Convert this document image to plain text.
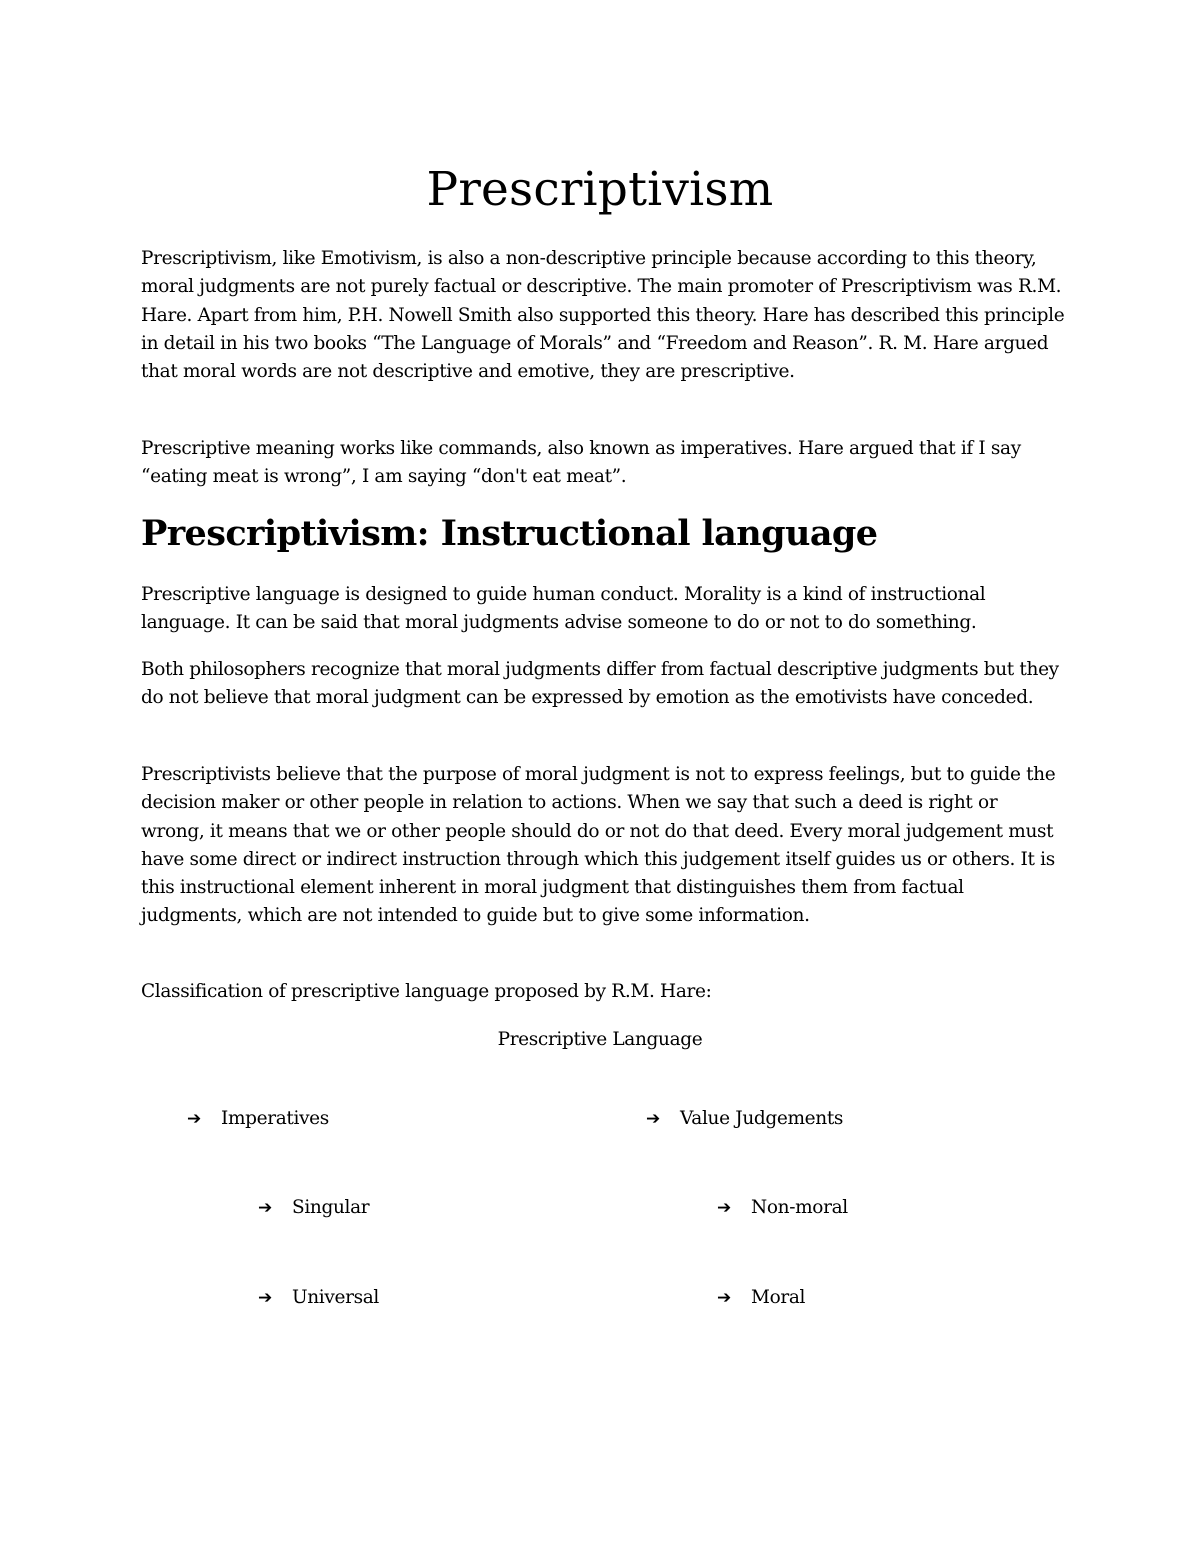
Prescriptivism

Prescriptivism, like Emotivism, is also a non-descriptive principle because according to this theory, moral judgments are not purely factual or descriptive. The main promoter of Prescriptivism was R.M. Hare. Apart from him, P.H. Nowell Smith also supported this theory. Hare has described this principle in detail in his two books “The Language of Morals” and “Freedom and Reason”. R. M. Hare argued that moral words are not descriptive and emotive, they are prescriptive.

Prescriptive meaning works like commands, also known as imperatives. Hare argued that if I say “eating meat is wrong”, I am saying “don't eat meat”.

Prescriptivism: Instructional language

Prescriptive language is designed to guide human conduct. Morality is a kind of instructional language. It can be said that moral judgments advise someone to do or not to do something.

Both philosophers recognize that moral judgments differ from factual descriptive judgments but they do not believe that moral judgment can be expressed by emotion as the emotivists have conceded.

Prescriptivists believe that the purpose of moral judgment is not to express feelings, but to guide the decision maker or other people in relation to actions. When we say that such a deed is right or wrong, it means that we or other people should do or not do that deed. Every moral judgement must have some direct or indirect instruction through which this judgement itself guides us or others. It is this instructional element inherent in moral judgment that distinguishes them from factual judgments, which are not intended to guide but to give some information.

Classification of prescriptive language proposed by R.M. Hare:

Prescriptive Language
➔	Imperatives
➔	Singular
➔	Universal
➔	Value Judgements
➔	Non-moral
➔	Moral
